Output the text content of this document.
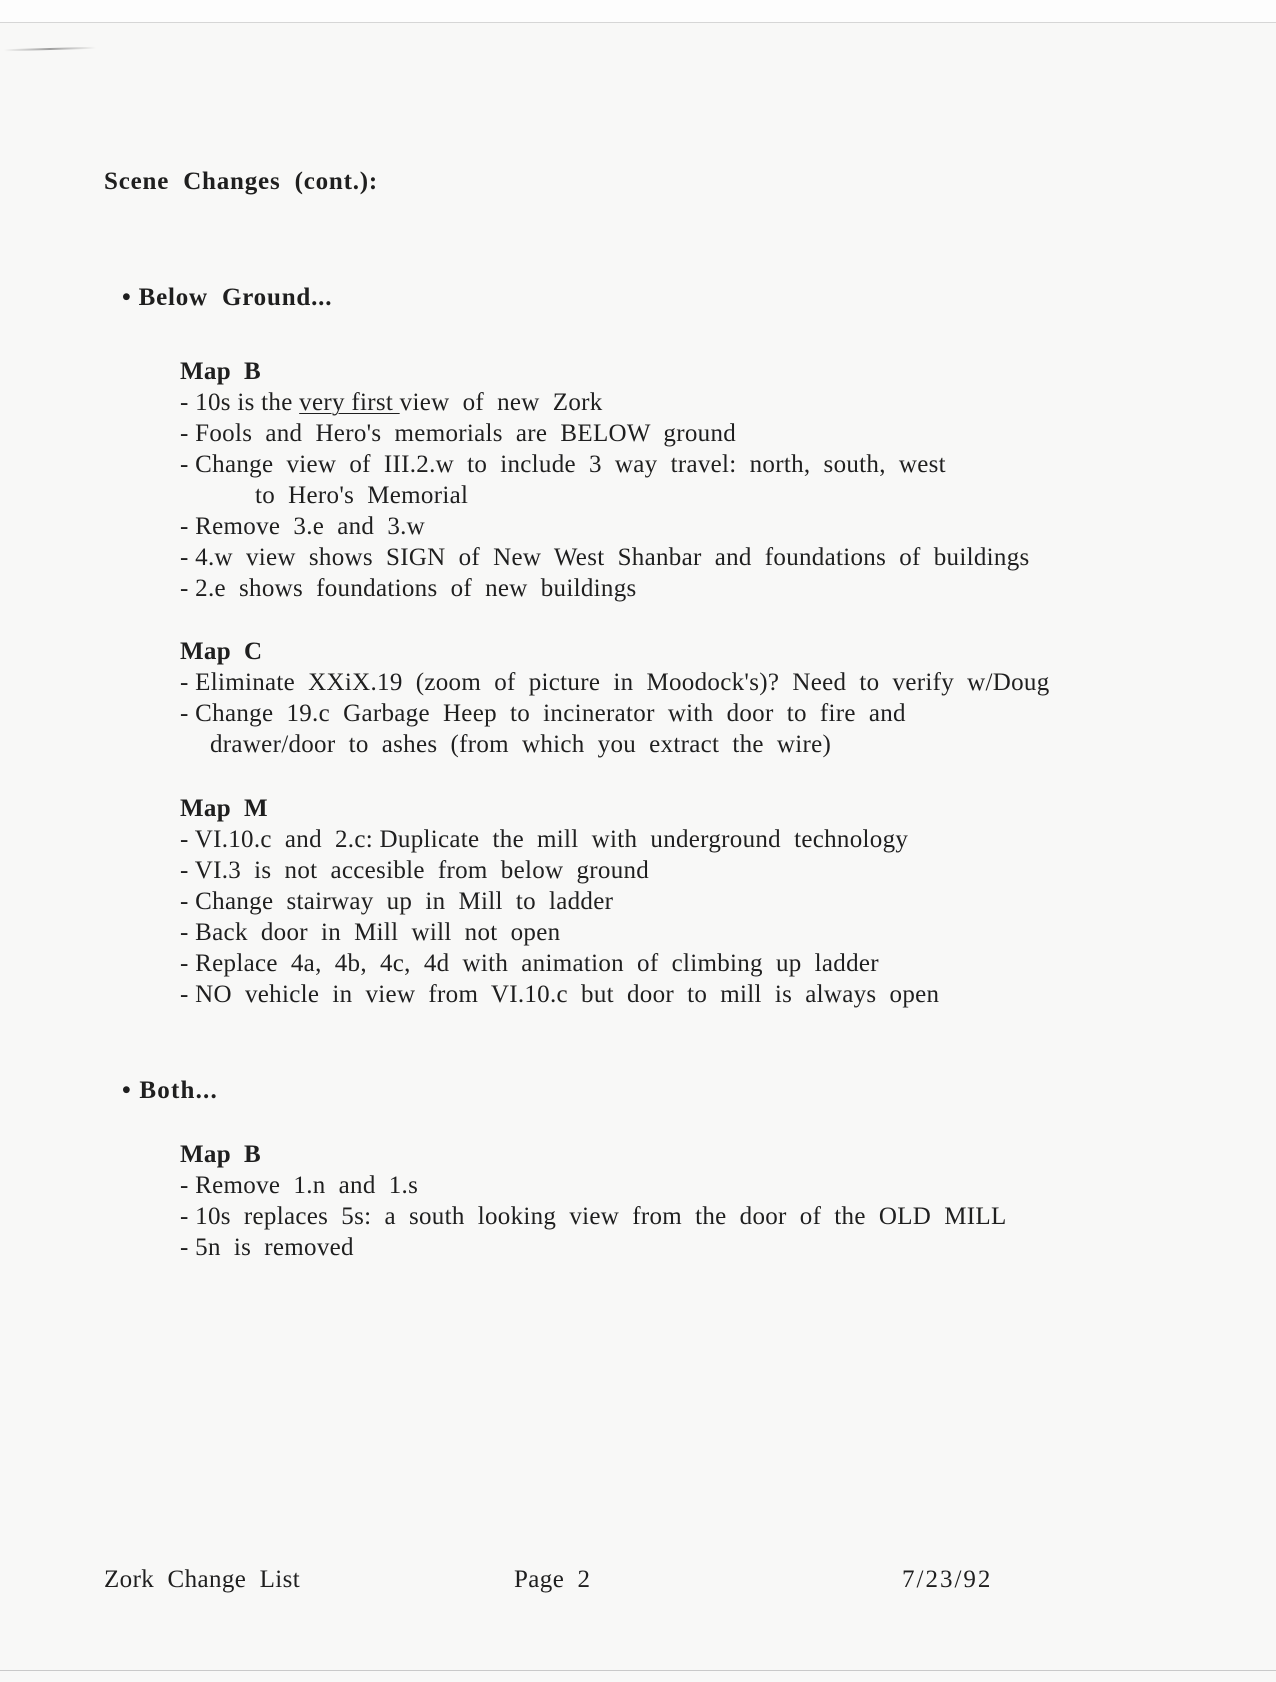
Scene  Changes  (cont.):
• Below  Ground...
Map  B
- 10s is the very first view  of  new  Zork
- Fools  and  Hero's  memorials  are  BELOW  ground
- Change  view  of  III.2.w  to  include  3  way  travel:  north,  south,  west
to  Hero's  Memorial
- Remove  3.e  and  3.w
- 4.w  view  shows  SIGN  of  New  West  Shanbar  and  foundations  of  buildings
- 2.e  shows  foundations  of  new  buildings
Map  C
- Eliminate  XXiX.19  (zoom  of  picture  in  Moodock's)?  Need  to  verify  w/Doug
- Change  19.c  Garbage  Heep  to  incinerator  with  door  to  fire  and
drawer/door  to  ashes  (from  which  you  extract  the  wire)
Map  M
- VI.10.c  and  2.c: Duplicate  the  mill  with  underground  technology
- VI.3  is  not  accesible  from  below  ground
- Change  stairway  up  in  Mill  to  ladder
- Back  door  in  Mill  will  not  open
- Replace  4a,  4b,  4c,  4d  with  animation  of  climbing  up  ladder
- NO  vehicle  in  view  from  VI.10.c  but  door  to  mill  is  always  open
• Both...
Map  B
- Remove  1.n  and  1.s
- 10s  replaces  5s:  a  south  looking  view  from  the  door  of  the  OLD  MILL
- 5n  is  removed
Zork  Change  List	Page  2	7/23/92
